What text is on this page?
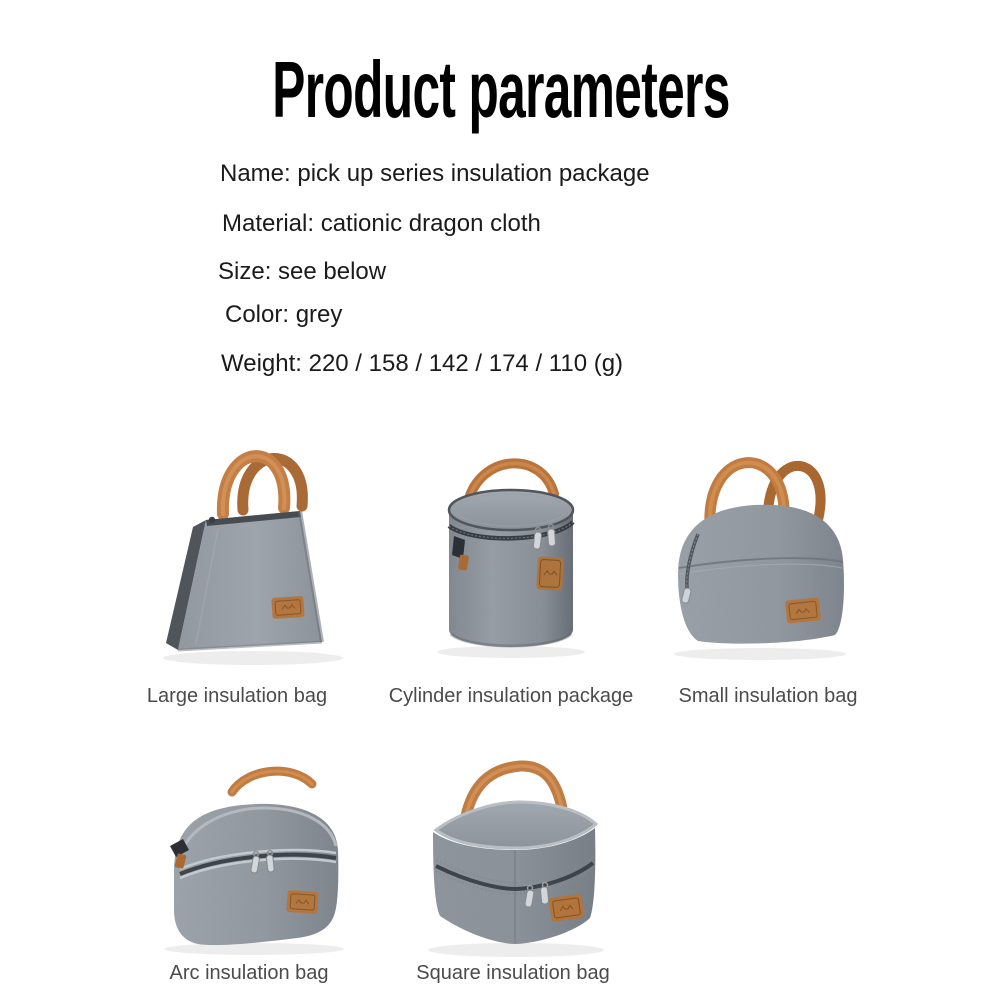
Product parameters
Name: pick up series insulation package
Material: cationic dragon cloth
Size: see below
Color: grey
Weight: 220 / 158 / 142 / 174 / 110 (g)
Large insulation bag	Cylinder insulation package Small insulation bag
Arc insulation bag	Square insulation bag
